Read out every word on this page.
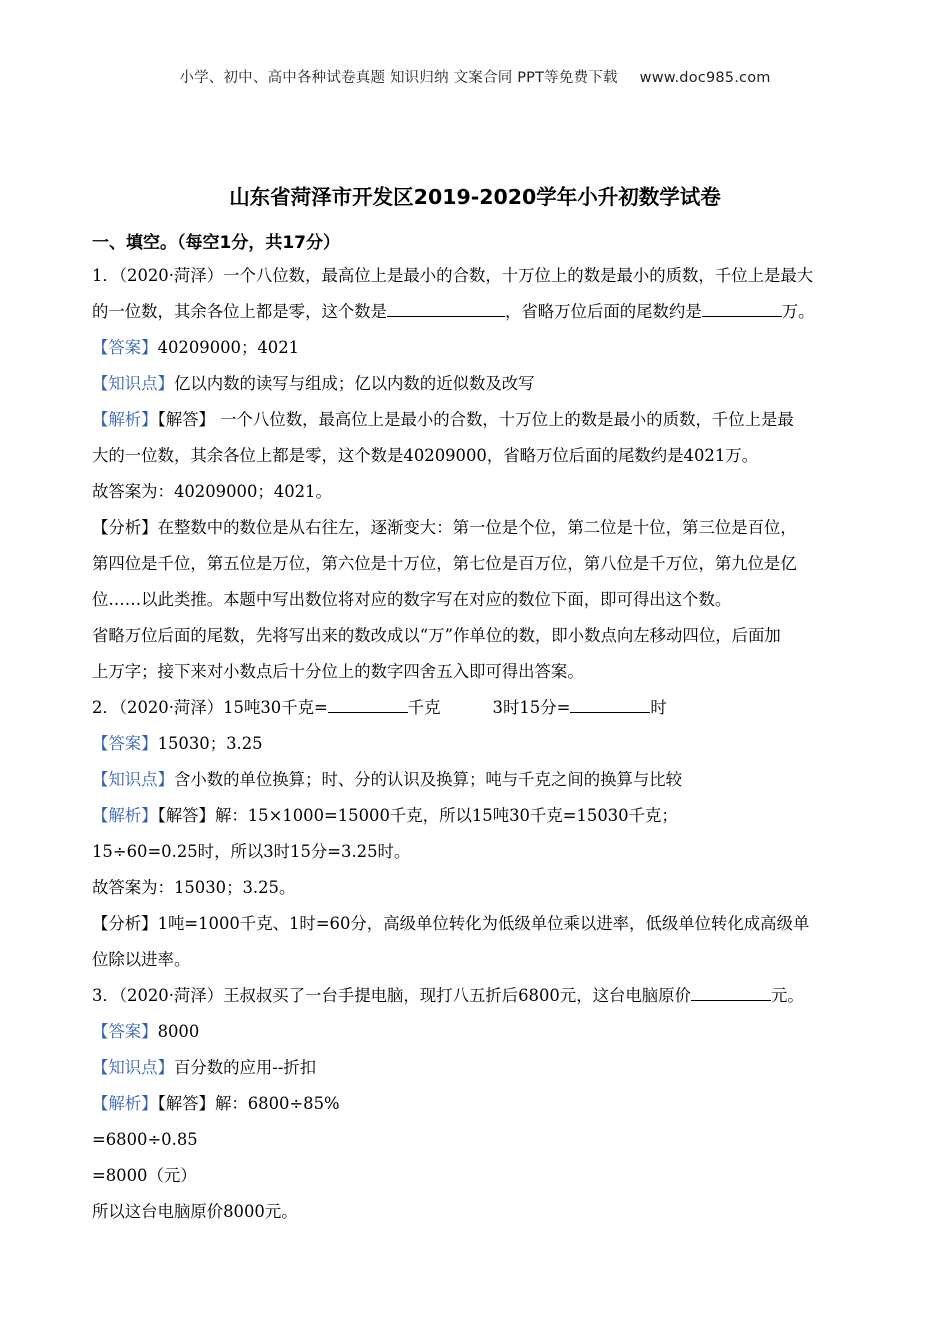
小学、初中、高中各种试卷真题 知识归纳 文案合同 PPT等免费下载 www.doc985.com
山东省菏泽市开发区2019-2020学年小升初数学试卷
一、填空。（每空1分，共17分）
1．（2020·菏泽）一个八位数，最高位上是最小的合数，十万位上的数是最小的质数，千位上是最大
的一位数，其余各位上都是零，这个数是	，省略万位后面的尾数约是	万。
【答案】40209000；4021
【知识点】亿以内数的读写与组成；亿以内数的近似数及改写
【解析】【解答】 一个八位数，最高位上是最小的合数，十万位上的数是最小的质数，千位上是最
大的一位数，其余各位上都是零，这个数是40209000，省略万位后面的尾数约是4021万。
故答案为：40209000；4021。
【分析】在整数中的数位是从右往左，逐渐变大：第一位是个位，第二位是十位，第三位是百位，
第四位是千位，第五位是万位，第六位是十万位，第七位是百万位，第八位是千万位，第九位是亿
位……以此类推。本题中写出数位将对应的数字写在对应的数位下面，即可得出这个数。
省略万位后面的尾数，先将写出来的数改成以“万”作单位的数，即小数点向左移动四位，后面加
上万字；接下来对小数点后十分位上的数字四舍五入即可得出答案。
2．（2020·菏泽）15吨30千克=	千克	3时15分=	时
【答案】15030；3.25
【知识点】含小数的单位换算；时、分的认识及换算；吨与千克之间的换算与比较
【解析】【解答】解：15×1000=15000千克，所以15吨30千克=15030千克；
15÷60=0.25时，所以3时15分=3.25时。
故答案为：15030；3.25。
【分析】1吨=1000千克、1时=60分，高级单位转化为低级单位乘以进率，低级单位转化成高级单
位除以进率。
3．（2020·菏泽）王叔叔买了一台手提电脑，现打八五折后6800元，这台电脑原价	元。
【答案】8000
【知识点】百分数的应用--折扣
【解析】【解答】解：6800÷85%
=6800÷0.85
=8000（元）
所以这台电脑原价8000元。
